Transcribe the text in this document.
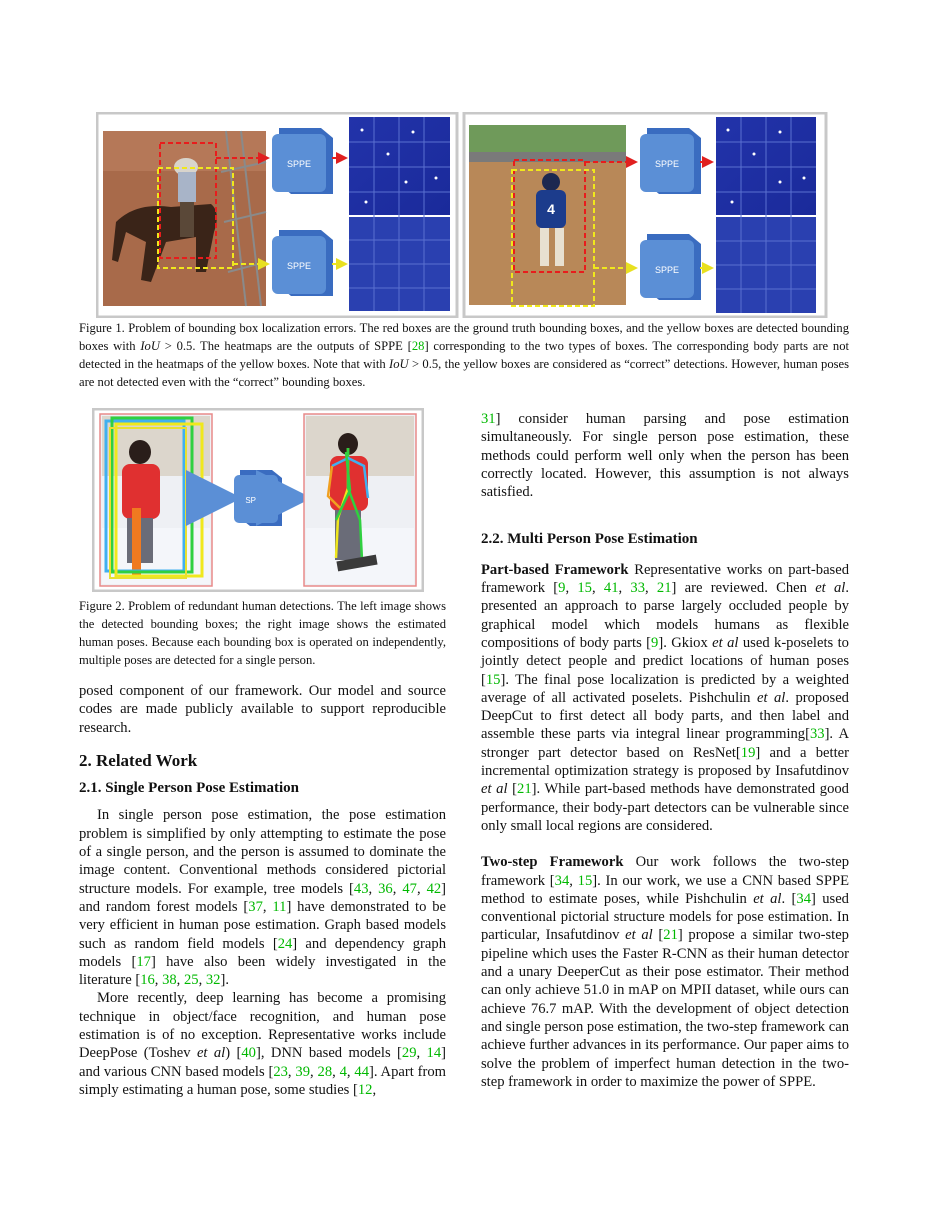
SPPE
SPPE
4
SPPE
SPPE
Figure 1. Problem of bounding box localization errors. The red boxes are the ground truth bounding boxes, and the yellow boxes are detected bounding boxes with IoU > 0.5. The heatmaps are the outputs of SPPE [28] corresponding to the two types of boxes. The corresponding body parts are not detected in the heatmaps of the yellow boxes. Note that with IoU > 0.5, the yellow boxes are considered as “correct” detections. However, human poses are not detected even with the “correct” bounding boxes.
SPPE
Figure 2. Problem of redundant human detections. The left image shows the detected bounding boxes; the right image shows the estimated human poses. Because each bounding box is operated on independently, multiple poses are detected for a single person.

posed component of our framework. Our model and source codes are made publicly available to support reproducible research.

2. Related Work
2.1. Single Person Pose Estimation

In single person pose estimation, the pose estimation problem is simplified by only attempting to estimate the pose of a single person, and the person is assumed to dominate the image content. Conventional methods considered pictorial structure models. For example, tree models [43, 36, 47, 42] and random forest models [37, 11] have demonstrated to be very efficient in human pose estimation. Graph based models such as random field models [24] and dependency graph models [17] have also been widely investigated in the literature [16, 38, 25, 32].

More recently, deep learning has become a promising technique in object/face recognition, and human pose estimation is of no exception. Representative works include DeepPose (Toshev et al) [40], DNN based models [29, 14] and various CNN based models [23, 39, 28, 4, 44]. Apart from simply estimating a human pose, some studies [12,

31] consider human parsing and pose estimation simultaneously. For single person pose estimation, these methods could perform well only when the person has been correctly located. However, this assumption is not always satisfied.

2.2. Multi Person Pose Estimation

Part-based Framework Representative works on part-based framework [9, 15, 41, 33, 21] are reviewed. Chen et al. presented an approach to parse largely occluded people by graphical model which models humans as flexible compositions of body parts [9]. Gkiox et al used k-poselets to jointly detect people and predict locations of human poses [15]. The final pose localization is predicted by a weighted average of all activated poselets. Pishchulin et al. proposed DeepCut to first detect all body parts, and then label and assemble these parts via integral linear programming[33]. A stronger part detector based on ResNet[19] and a better incremental optimization strategy is proposed by Insafutdinov et al [21]. While part-based methods have demonstrated good performance, their body-part detectors can be vulnerable since only small local regions are considered.

Two-step Framework Our work follows the two-step framework [34, 15]. In our work, we use a CNN based SPPE method to estimate poses, while Pishchulin et al. [34] used conventional pictorial structure models for pose estimation. In particular, Insafutdinov et al [21] propose a similar two-step pipeline which uses the Faster R-CNN as their human detector and a unary DeeperCut as their pose estimator. Their method can only achieve 51.0 in mAP on MPII dataset, while ours can achieve 76.7 mAP. With the development of object detection and single person pose estimation, the two-step framework can achieve further advances in its performance. Our paper aims to solve the problem of imperfect human detection in the two-step framework in order to maximize the power of SPPE.
